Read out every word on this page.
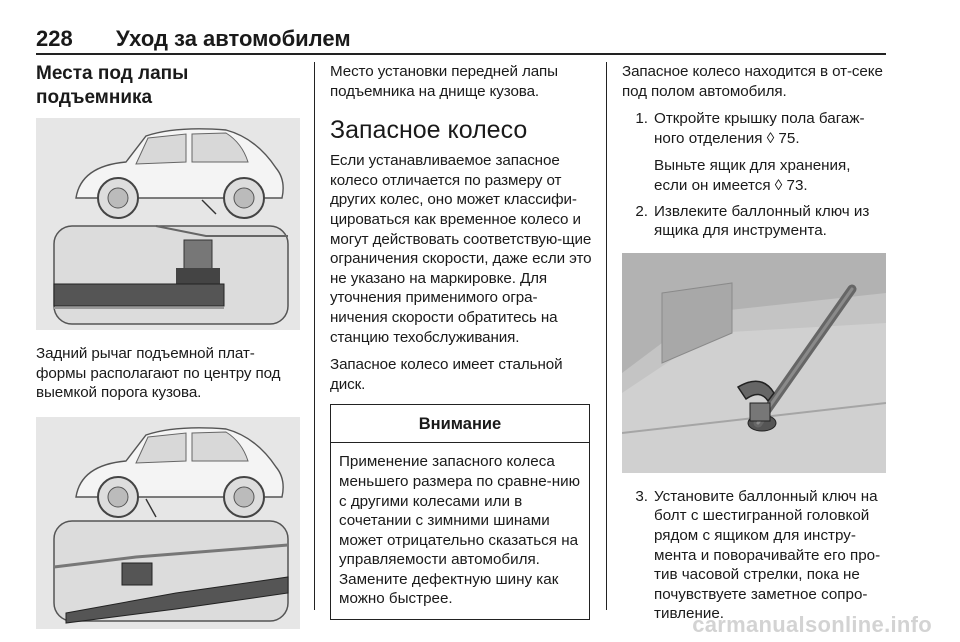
228 Уход за автомобилем
Места под лапы подъемника
Задний рычаг подъемной плат-формы располагают по центру под выемкой порога кузова.
Место установки передней лапы подъемника на днище кузова.
Запасное колесо
Если устанавливаемое запасное колесо отличается по размеру от других колес, оно может классифи-цироваться как временное колесо и могут действовать соответствую-щие ограничения скорости, даже если это не указано на маркировке. Для уточнения применимого огра-ничения скорости обратитесь на станцию техобслуживания.
Запасное колесо имеет стальной диск.
Внимание
Применение запасного колеса меньшего размера по сравне-нию с другими колесами или в сочетании с зимними шинами может отрицательно сказаться на управляемости автомобиля. Замените дефектную шину как можно быстрее.
Запасное колесо находится в от-секе под полом автомобиля.
1. Откройте крышку пола багаж-ного отделения ◊ 75.
Выньте ящик для хранения, если он имеется ◊ 73.
2. Извлеките баллонный ключ из ящика для инструмента.
3. Установите баллонный ключ на болт с шестигранной головкой рядом с ящиком для инстру-мента и поворачивайте его про-тив часовой стрелки, пока не почувствуете заметное сопро-тивление.
carmanualsonline.info
